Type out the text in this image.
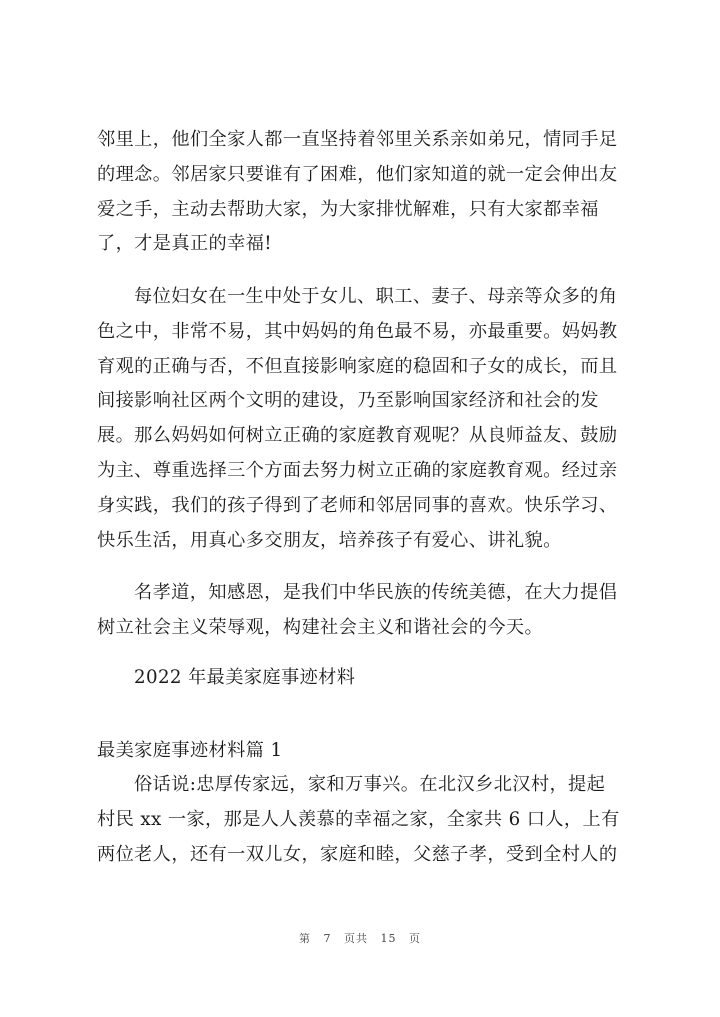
邻里上，他们全家人都一直坚持着邻里关系亲如弟兄，情同手足
的理念。邻居家只要谁有了困难，他们家知道的就一定会伸出友
爱之手，主动去帮助大家，为大家排忧解难，只有大家都幸福
了，才是真正的幸福!
每位妇女在一生中处于女儿、职工、妻子、母亲等众多的角
色之中，非常不易，其中妈妈的角色最不易，亦最重要。妈妈教
育观的正确与否，不但直接影响家庭的稳固和子女的成长，而且
间接影响社区两个文明的建设，乃至影响国家经济和社会的发
展。那么妈妈如何树立正确的家庭教育观呢？从良师益友、鼓励
为主、尊重选择三个方面去努力树立正确的家庭教育观。经过亲
身实践，我们的孩子得到了老师和邻居同事的喜欢。快乐学习、
快乐生活，用真心多交朋友，培养孩子有爱心、讲礼貌。
名孝道，知感恩，是我们中华民族的传统美德，在大力提倡
树立社会主义荣辱观，构建社会主义和谐社会的今天。
2022 年最美家庭事迹材料
最美家庭事迹材料篇 1
俗话说:忠厚传家远，家和万事兴。在北汉乡北汉村，提起
村民 xx 一家，那是人人羡慕的幸福之家，全家共 6 口人，上有
两位老人，还有一双儿女，家庭和睦，父慈子孝，受到全村人的
第 7 页共 15 页
